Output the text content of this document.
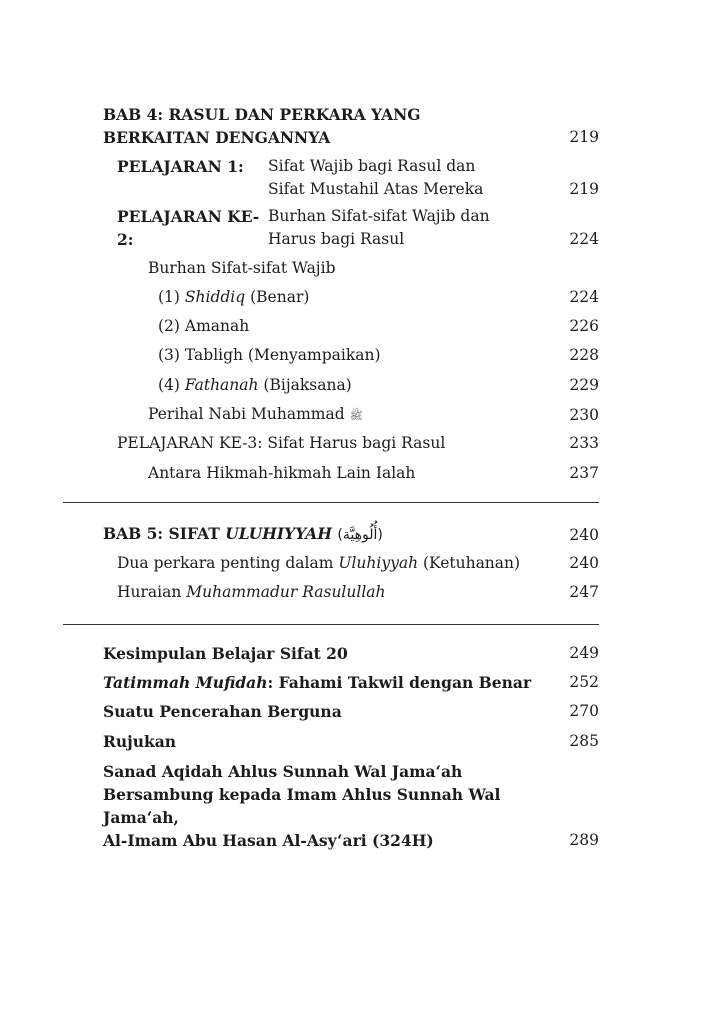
BAB 4: RASUL DAN PERKARA YANG
BERKAITAN DENGANNYA	219
PELAJARAN 1: Sifat Wajib bagi Rasul dan
Sifat Mustahil Atas Mereka	219
PELAJARAN KE-2:
Burhan Sifat-sifat Wajib dan
Harus bagi Rasul	224
Burhan Sifat-sifat Wajib
(1) Shiddiq (Benar)	224
(2) Amanah	226
(3) Tabligh (Menyampaikan)	228
(4) Fathanah (Bijaksana)	229
Perihal Nabi Muhammad ﷺ	230
PELAJARAN KE-3: Sifat Harus bagi Rasul	233
Antara Hikmah-hikmah Lain Ialah	237
BAB 5: SIFAT ULUHIYYAH (أُلُوهِيَّة)	240
Dua perkara penting dalam Uluhiyyah (Ketuhanan)	240
Huraian Muhammadur Rasulullah	247
Kesimpulan Belajar Sifat 20	249
Tatimmah Mufidah: Fahami Takwil dengan Benar	252
Suatu Pencerahan Berguna	270
Rujukan	285
Sanad Aqidah Ahlus Sunnah Wal Jama‘ah
Bersambung kepada Imam Ahlus Sunnah Wal Jama‘ah,
Al-Imam Abu Hasan Al-Asy‘ari (324H)	289
